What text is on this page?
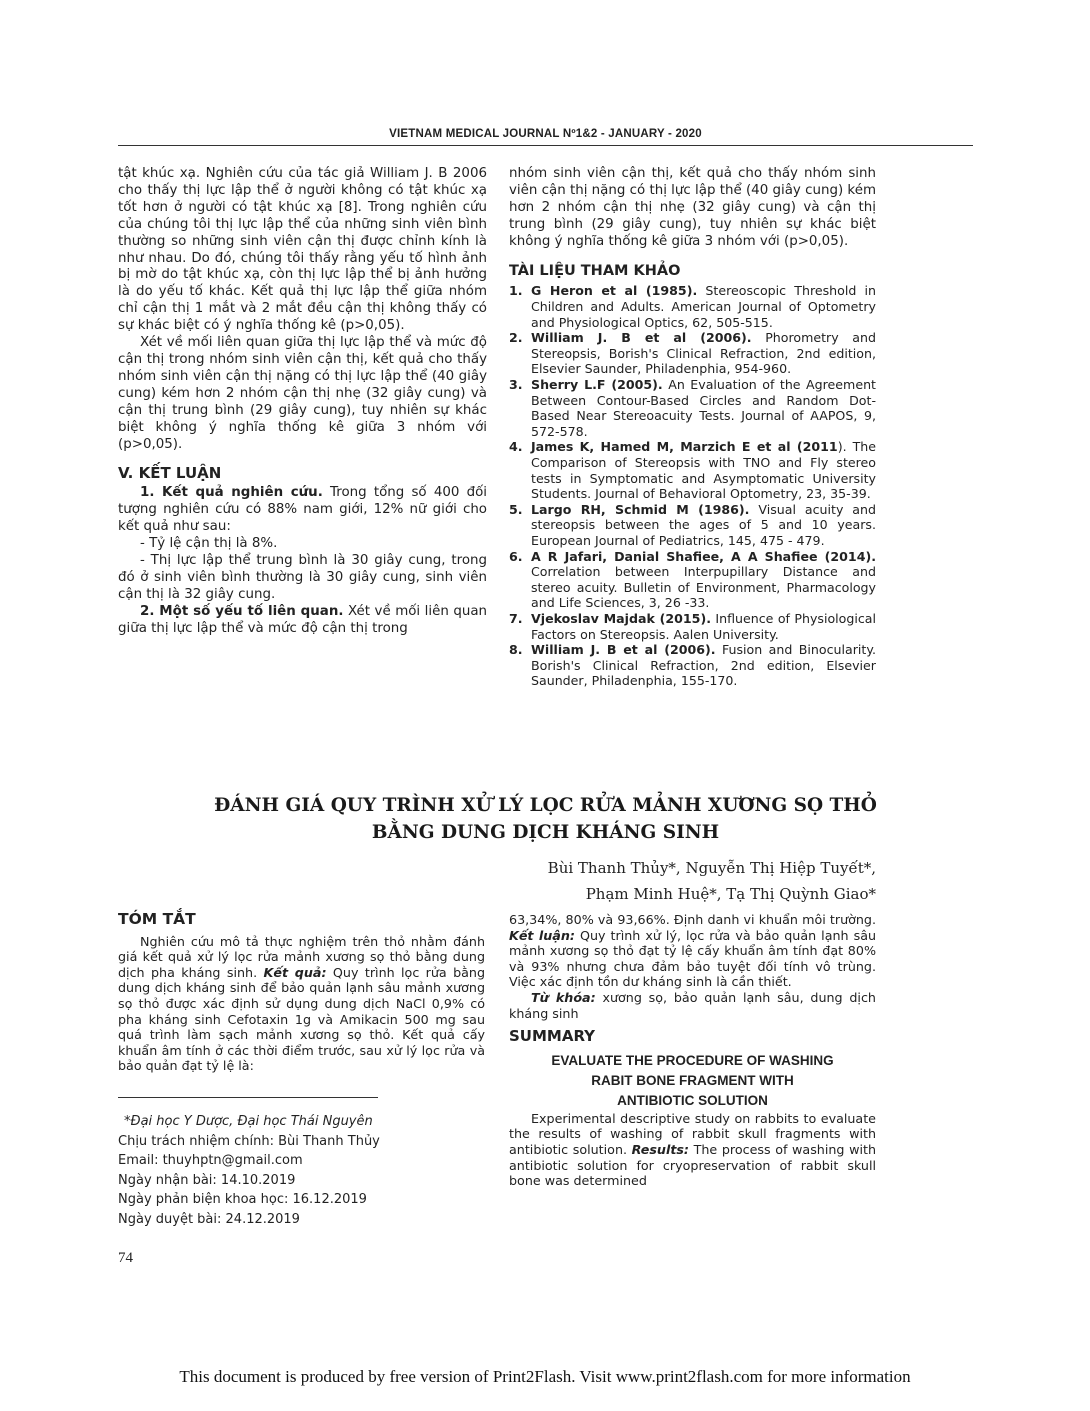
VIETNAM MEDICAL JOURNAL Nº1&2 - JANUARY - 2020

tật khúc xạ. Nghiên cứu của tác giả William J. B 2006 cho thấy thị lực lập thể ở người không có tật khúc xạ tốt hơn ở người có tật khúc xạ [8]. Trong nghiên cứu của chúng tôi thị lực lập thể của những sinh viên bình thường so những sinh viên cận thị được chỉnh kính là như nhau. Do đó, chúng tôi thấy rằng yếu tố hình ảnh bị mờ do tật khúc xạ, còn thị lực lập thể bị ảnh hưởng là do yếu tố khác. Kết quả thị lực lập thể giữa nhóm chỉ cận thị 1 mắt và 2 mắt đều cận thị không thấy có sự khác biệt có ý nghĩa thống kê (p>0,05).

Xét về mối liên quan giữa thị lực lập thể và mức độ cận thị trong nhóm sinh viên cận thị, kết quả cho thấy nhóm sinh viên cận thị nặng có thị lực lập thể (40 giây cung) kém hơn 2 nhóm cận thị nhẹ (32 giây cung) và cận thị trung bình (29 giây cung), tuy nhiên sự khác biệt không ý nghĩa thống kê giữa 3 nhóm với (p>0,05).

V. KẾT LUẬN

1. Kết quả nghiên cứu. Trong tổng số 400 đối tượng nghiên cứu có 88% nam giới, 12% nữ giới cho kết quả như sau:

- Tỷ lệ cận thị là 8%.

- Thị lực lập thể trung bình là 30 giây cung, trong đó ở sinh viên bình thường là 30 giây cung, sinh viên cận thị là 32 giây cung.

2. Một số yếu tố liên quan. Xét về mối liên quan giữa thị lực lập thể và mức độ cận thị trong

nhóm sinh viên cận thị, kết quả cho thấy nhóm sinh viên cận thị nặng có thị lực lập thể (40 giây cung) kém hơn 2 nhóm cận thị nhẹ (32 giây cung) và cận thị trung bình (29 giây cung), tuy nhiên sự khác biệt không ý nghĩa thống kê giữa 3 nhóm với (p>0,05).

TÀI LIỆU THAM KHẢO
1. G Heron et al (1985). Stereoscopic Threshold in Children and Adults. American Journal of Optometry and Physiological Optics, 62, 505-515.
2. William J. B et al (2006). Phorometry and Stereopsis, Borish's Clinical Refraction, 2nd edition, Elsevier Saunder, Philadenphia, 954-960.
3. Sherry L.F (2005). An Evaluation of the Agreement Between Contour-Based Circles and Random Dot-Based Near Stereoacuity Tests. Journal of AAPOS, 9, 572-578.
4. James K, Hamed M, Marzich E et al (2011). The Comparison of Stereopsis with TNO and Fly stereo tests in Symptomatic and Asymptomatic University Students. Journal of Behavioral Optometry, 23, 35-39.
5. Largo RH, Schmid M (1986). Visual acuity and stereopsis between the ages of 5 and 10 years. European Journal of Pediatrics, 145, 475 - 479.
6. A R Jafari, Danial Shafiee, A A Shafiee (2014). Correlation between Interpupillary Distance and stereo acuity. Bulletin of Environment, Pharmacology and Life Sciences, 3, 26 -33.
7. Vjekoslav Majdak (2015). Influence of Physiological Factors on Stereopsis. Aalen University.
8. William J. B et al (2006). Fusion and Binocularity. Borish's Clinical Refraction, 2nd edition, Elsevier Saunder, Philadenphia, 155-170.
ĐÁNH GIÁ QUY TRÌNH XỬ LÝ LỌC RỬA MẢNH XƯƠNG SỌ THỎ
BẰNG DUNG DỊCH KHÁNG SINH
Bùi Thanh Thủy*, Nguyễn Thị Hiệp Tuyết*,
Phạm Minh Huệ*, Tạ Thị Quỳnh Giao*
TÓM TẮT

Nghiên cứu mô tả thực nghiệm trên thỏ nhằm đánh giá kết quả xử lý lọc rửa mảnh xương sọ thỏ bằng dung dịch pha kháng sinh. Kết quả: Quy trình lọc rửa bằng dung dịch kháng sinh để bảo quản lạnh sâu mảnh xương sọ thỏ được xác định sử dụng dung dịch NaCl 0,9% có pha kháng sinh Cefotaxin 1g và Amikacin 500 mg sau quá trình làm sạch mảnh xương sọ thỏ. Kết quả cấy khuẩn âm tính ở các thời điểm trước, sau xử lý lọc rửa và bảo quản đạt tỷ lệ là:

63,34%, 80% và 93,66%. Định danh vi khuẩn môi trường. Kết luận: Quy trình xử lý, lọc rửa và bảo quản lạnh sâu mảnh xương sọ thỏ đạt tỷ lệ cấy khuẩn âm tính đạt 80% và 93% nhưng chưa đảm bảo tuyệt đối tính vô trùng. Việc xác định tồn dư kháng sinh là cần thiết.

Từ khóa: xương sọ, bảo quản lạnh sâu, dung dịch kháng sinh

SUMMARY
EVALUATE THE PROCEDURE OF WASHING
RABIT BONE FRAGMENT WITH
ANTIBIOTIC SOLUTION

Experimental descriptive study on rabbits to evaluate the results of washing of rabbit skull fragments with antibiotic solution. Results: The process of washing with antibiotic solution for cryopreservation of rabbit skull bone was determined

*Đại học Y Dược, Đại học Thái Nguyên
Chịu trách nhiệm chính: Bùi Thanh Thủy
Email: thuyhptn@gmail.com
Ngày nhận bài: 14.10.2019
Ngày phản biện khoa học: 16.12.2019
Ngày duyệt bài: 24.12.2019
74
This document is produced by free version of Print2Flash. Visit www.print2flash.com for more information
